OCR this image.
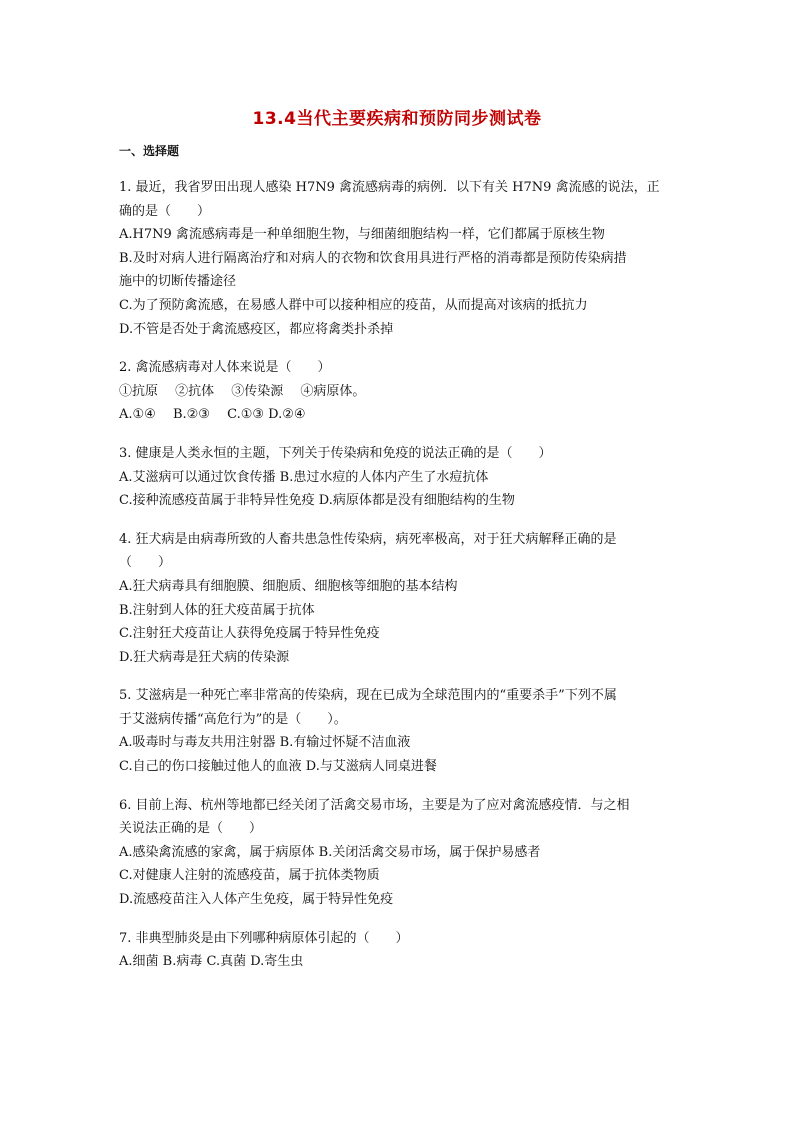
13.4当代主要疾病和预防同步测试卷
一、选择题
1. 最近，我省罗田出现人感染 H7N9 禽流感病毒的病例．以下有关 H7N9 禽流感的说法，正
确的是（　　）
A.H7N9 禽流感病毒是一种单细胞生物，与细菌细胞结构一样，它们都属于原核生物
B.及时对病人进行隔离治疗和对病人的衣物和饮食用具进行严格的消毒都是预防传染病措
施中的切断传播途径
C.为了预防禽流感，在易感人群中可以接种相应的疫苗，从而提高对该病的抵抗力
D.不管是否处于禽流感疫区，都应将禽类扑杀掉
2. 禽流感病毒对人体来说是（　　）
①抗原　 ②抗体　 ③传染源　 ④病原体。
A.①④　 B.②③　 C.①③ D.②④
3. 健康是人类永恒的主题，下列关于传染病和免疫的说法正确的是（　　）
A.艾滋病可以通过饮食传播 B.患过水痘的人体内产生了水痘抗体
C.接种流感疫苗属于非特异性免疫 D.病原体都是没有细胞结构的生物
4. 狂犬病是由病毒所致的人畜共患急性传染病，病死率极高，对于狂犬病解释正确的是
（　　）
A.狂犬病毒具有细胞膜、细胞质、细胞核等细胞的基本结构
B.注射到人体的狂犬疫苗属于抗体
C.注射狂犬疫苗让人获得免疫属于特异性免疫
D.狂犬病毒是狂犬病的传染源
5. 艾滋病是一种死亡率非常高的传染病，现在已成为全球范围内的“重要杀手”下列不属
于艾滋病传播“高危行为”的是（　　）。
A.吸毒时与毒友共用注射器 B.有输过怀疑不洁血液
C.自己的伤口接触过他人的血液 D.与艾滋病人同桌进餐
6. 目前上海、杭州等地都已经关闭了活禽交易市场，主要是为了应对禽流感疫情．与之相
关说法正确的是（　　）
A.感染禽流感的家禽，属于病原体 B.关闭活禽交易市场，属于保护易感者
C.对健康人注射的流感疫苗，属于抗体类物质
D.流感疫苗注入人体产生免疫，属于特异性免疫
7. 非典型肺炎是由下列哪种病原体引起的（　　）
A.细菌 B.病毒 C.真菌 D.寄生虫
